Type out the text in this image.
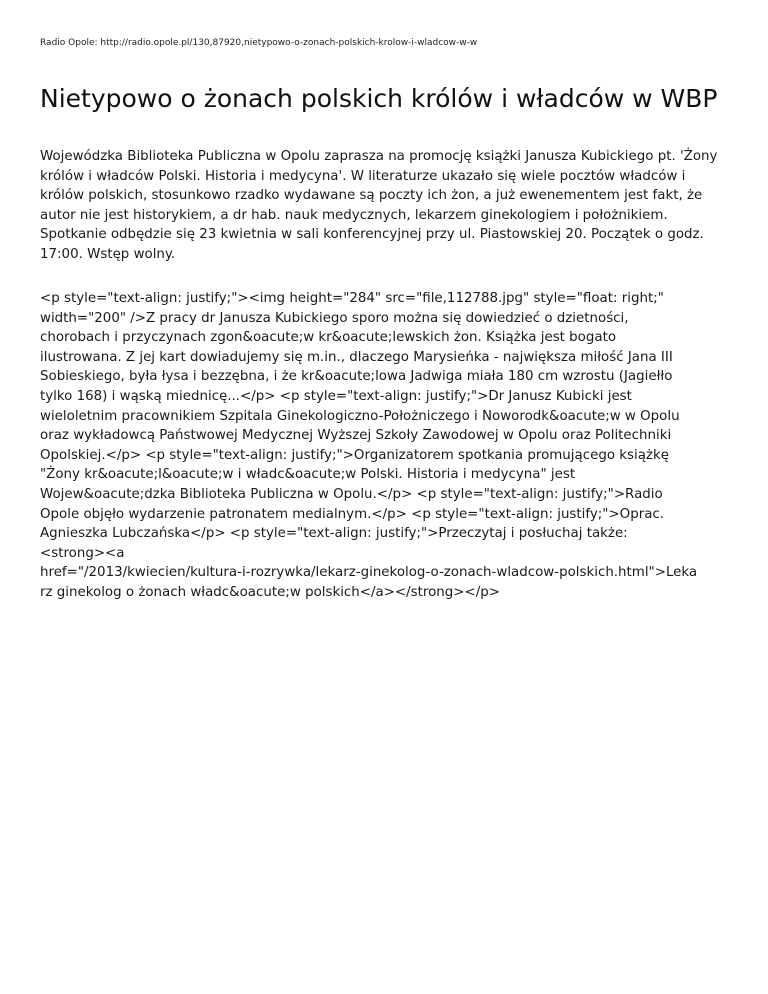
Radio Opole: http://radio.opole.pl/130,87920,nietypowo-o-zonach-polskich-krolow-i-wladcow-w-w
Nietypowo o żonach polskich królów i władców w WBP

Wojewódzka Biblioteka Publiczna w Opolu zaprasza na promocję książki Janusza Kubickiego pt. 'Żony królów i władców Polski. Historia i medycyna'. W literaturze ukazało się wiele pocztów władców i królów polskich, stosunkowo rzadko wydawane są poczty ich żon, a już ewenementem jest fakt, że autor nie jest historykiem, a dr hab. nauk medycznych, lekarzem ginekologiem i położnikiem. Spotkanie odbędzie się 23 kwietnia w sali konferencyjnej przy ul. Piastowskiej 20. Początek o godz. 17:00. Wstęp wolny.

<p style="text-align: justify;"><img height="284" src="file,112788.jpg" style="float: right;"
width="200" />Z pracy dr Janusza Kubickiego sporo można się dowiedzieć o dzietności,
chorobach i przyczynach zgon&oacute;w kr&oacute;lewskich żon. Książka jest bogato
ilustrowana. Z jej kart dowiadujemy się m.in., dlaczego Marysieńka - największa miłość Jana III
Sobieskiego, była łysa i bezzębna, i że kr&oacute;lowa Jadwiga miała 180 cm wzrostu (Jagiełło
tylko 168) i wąską miednicę...</p> <p style="text-align: justify;">Dr Janusz Kubicki jest
wieloletnim pracownikiem Szpitala Ginekologiczno-Położniczego i Noworodk&oacute;w w Opolu
oraz wykładowcą Państwowej Medycznej Wyższej Szkoły Zawodowej w Opolu oraz Politechniki
Opolskiej.</p> <p style="text-align: justify;">Organizatorem spotkania promującego książkę
"Żony kr&oacute;l&oacute;w i władc&oacute;w Polski. Historia i medycyna" jest
Wojew&oacute;dzka Biblioteka Publiczna w Opolu.</p> <p style="text-align: justify;">Radio
Opole objęło wydarzenie patronatem medialnym.</p> <p style="text-align: justify;">Oprac.
Agnieszka Lubczańska</p> <p style="text-align: justify;">Przeczytaj i posłuchaj także:
<strong><a
href="/2013/kwiecien/kultura-i-rozrywka/lekarz-ginekolog-o-zonach-wladcow-polskich.html">Leka
rz ginekolog o żonach władc&oacute;w polskich</a></strong></p>
